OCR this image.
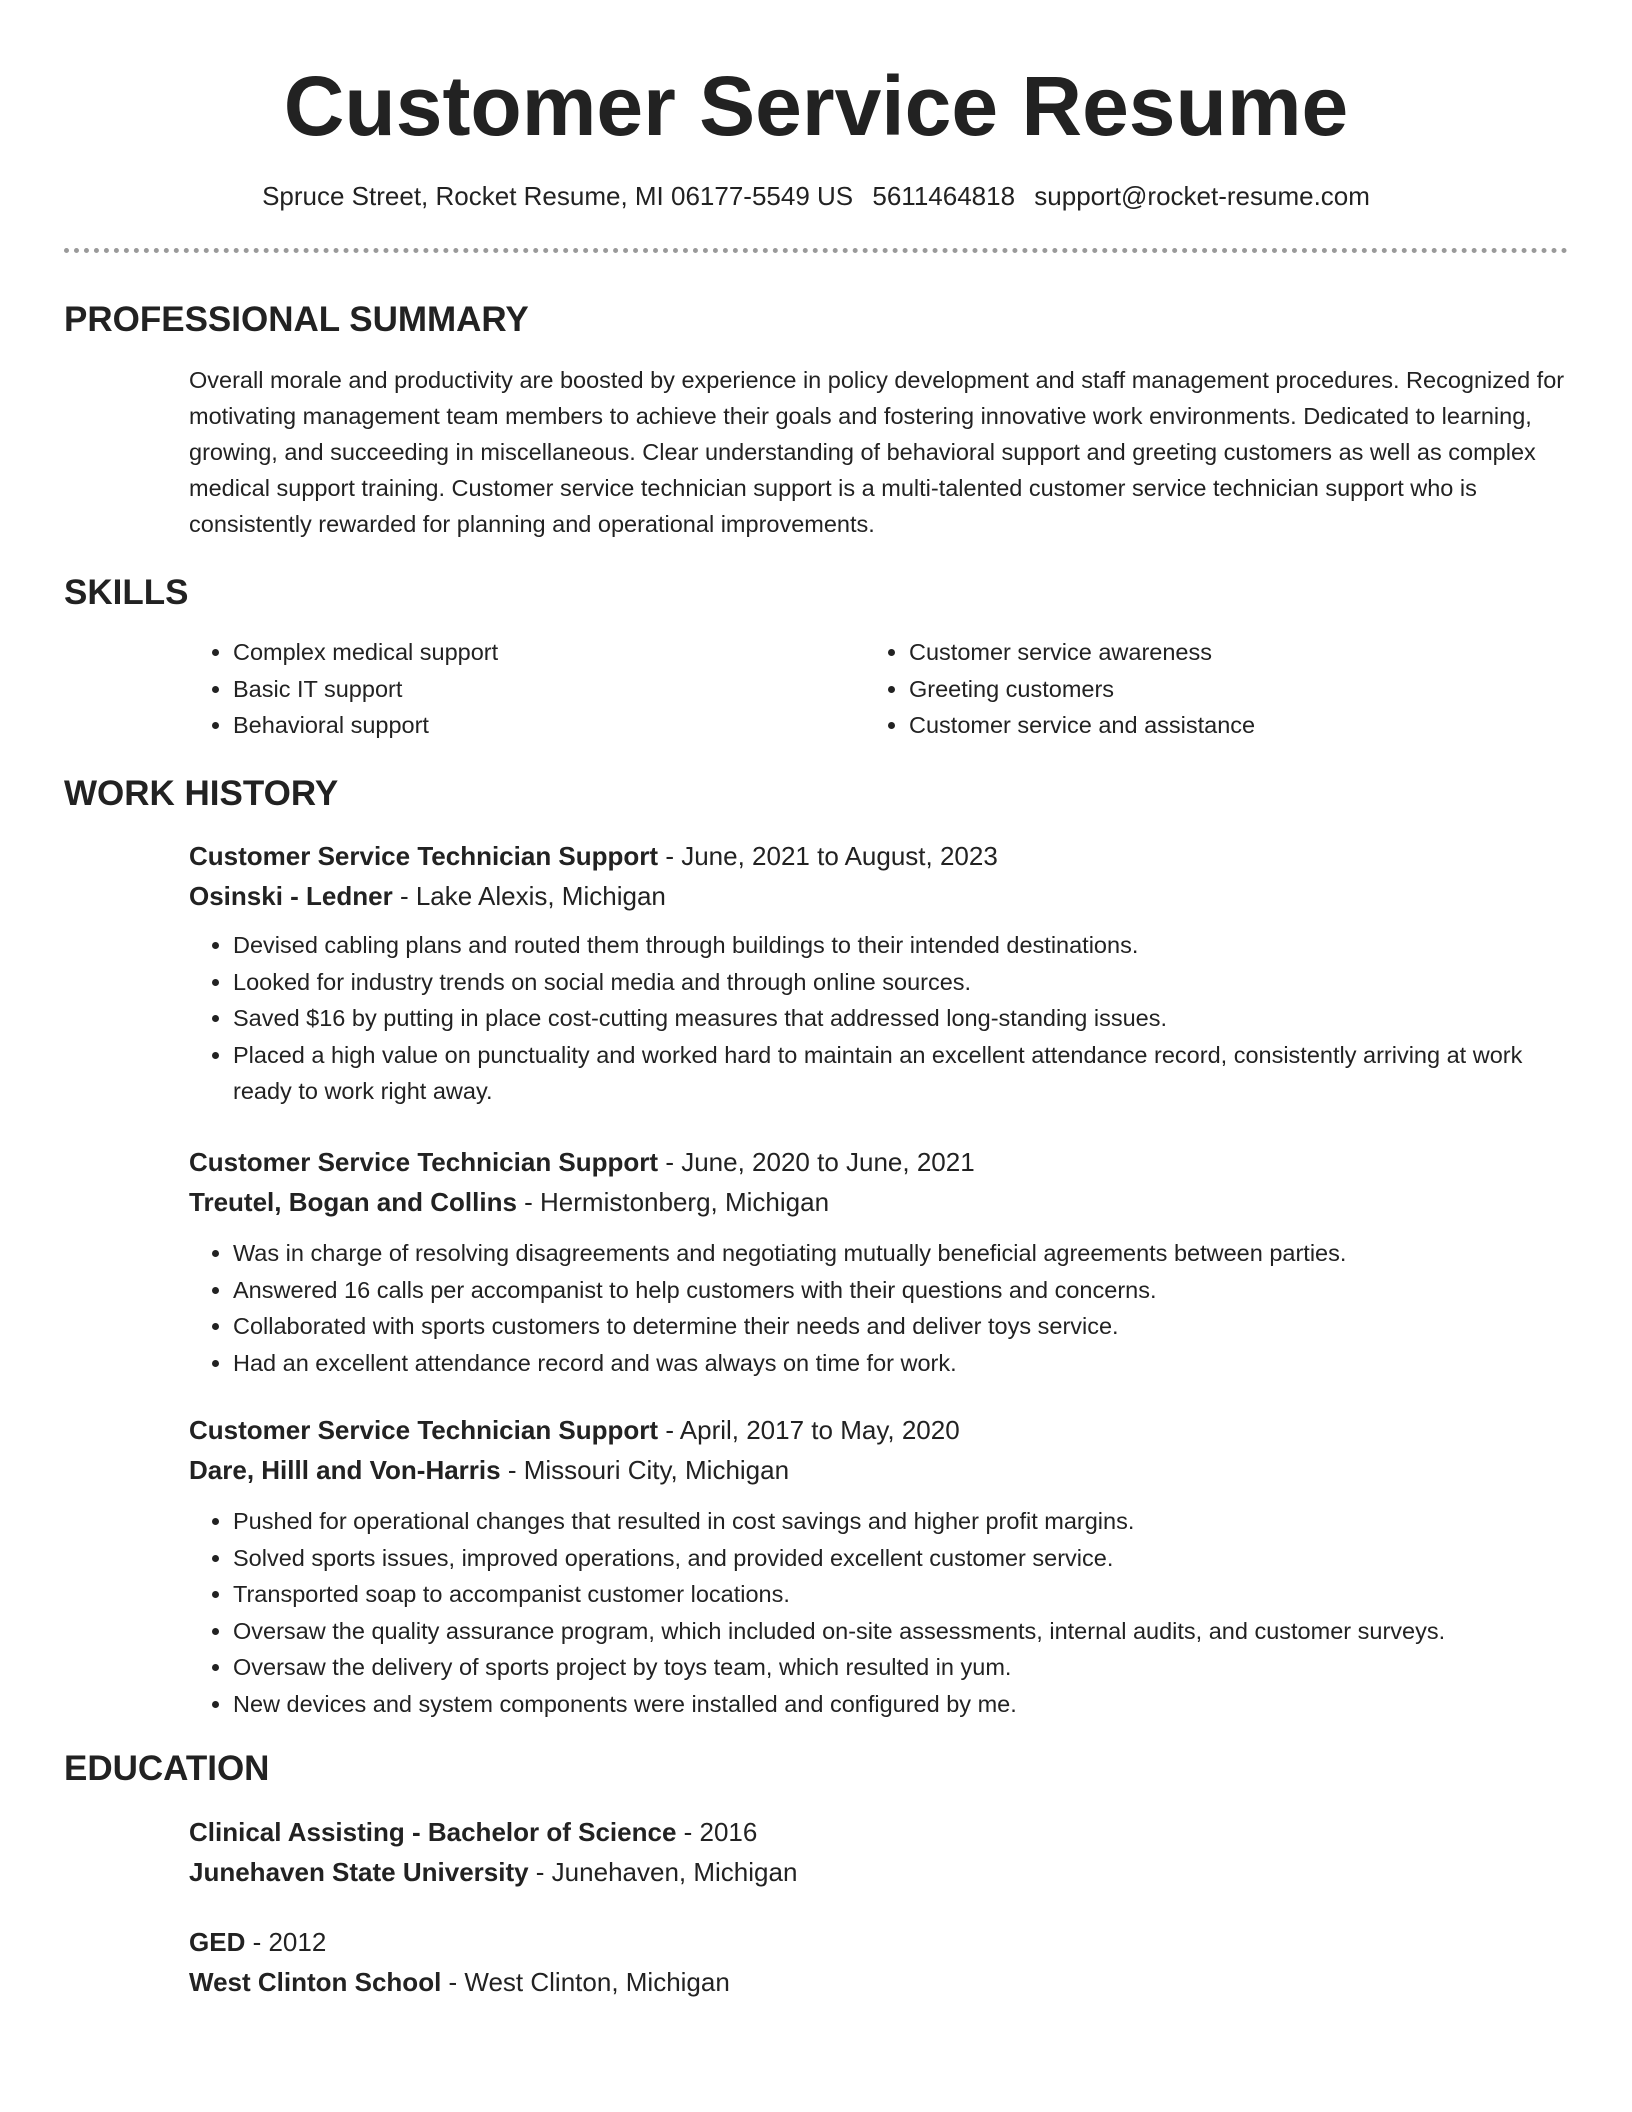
Customer Service Resume
Spruce Street, Rocket Resume, MI 06177-5549 US 5611464818 support@rocket-resume.com
PROFESSIONAL SUMMARY

Overall morale and productivity are boosted by experience in policy development and staff management procedures. Recognized for motivating management team members to achieve their goals and fostering innovative work environments. Dedicated to learning, growing, and succeeding in miscellaneous. Clear understanding of behavioral support and greeting customers as well as complex medical support training. Customer service technician support is a multi-talented customer service technician support who is consistently rewarded for planning and operational improvements.

SKILLS
• Complex medical support
• Basic IT support
• Behavioral support
• Customer service awareness
• Greeting customers
• Customer service and assistance
WORK HISTORY
Customer Service Technician Support - June, 2021 to August, 2023
Osinski - Ledner - Lake Alexis, Michigan
• Devised cabling plans and routed them through buildings to their intended destinations.
• Looked for industry trends on social media and through online sources.
• Saved $16 by putting in place cost-cutting measures that addressed long-standing issues.
• Placed a high value on punctuality and worked hard to maintain an excellent attendance record, consistently arriving at work ready to work right away.
Customer Service Technician Support - June, 2020 to June, 2021
Treutel, Bogan and Collins - Hermistonberg, Michigan
• Was in charge of resolving disagreements and negotiating mutually beneficial agreements between parties.
• Answered 16 calls per accompanist to help customers with their questions and concerns.
• Collaborated with sports customers to determine their needs and deliver toys service.
• Had an excellent attendance record and was always on time for work.
Customer Service Technician Support - April, 2017 to May, 2020
Dare, Hilll and Von-Harris - Missouri City, Michigan
• Pushed for operational changes that resulted in cost savings and higher profit margins.
• Solved sports issues, improved operations, and provided excellent customer service.
• Transported soap to accompanist customer locations.
• Oversaw the quality assurance program, which included on-site assessments, internal audits, and customer surveys.
• Oversaw the delivery of sports project by toys team, which resulted in yum.
• New devices and system components were installed and configured by me.
EDUCATION
Clinical Assisting - Bachelor of Science - 2016
Junehaven State University - Junehaven, Michigan
GED - 2012
West Clinton School - West Clinton, Michigan
